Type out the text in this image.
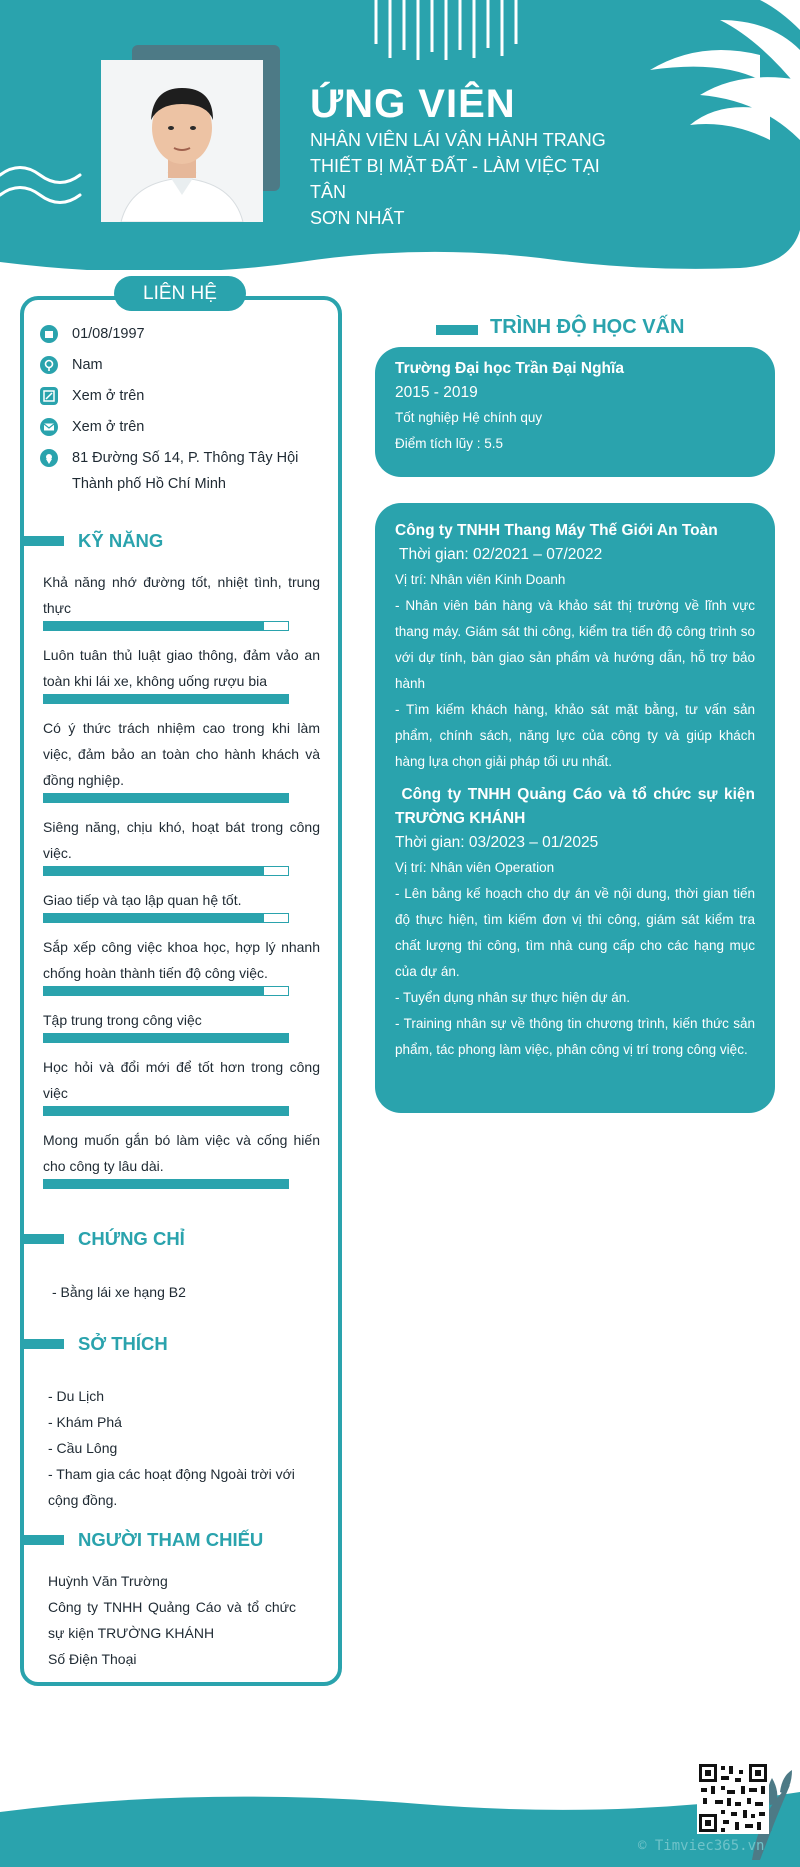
ỨNG VIÊN
NHÂN VIÊN LÁI VẬN HÀNH TRANG
THIẾT BỊ MẶT ĐẤT - LÀM VIỆC TẠI TÂN
SƠN NHẤT
LIÊN HỆ
01/08/1997
Nam
Xem ở trên
Xem ở trên
81 Đường Số 14, P. Thông Tây Hội
Thành phố Hồ Chí Minh
KỸ NĂNG
Khả năng nhớ đường tốt, nhiệt tình, trung thực
Luôn tuân thủ luật giao thông, đảm vảo an toàn khi lái xe, không uống rượu bia
Có ý thức trách nhiệm cao trong khi làm việc, đảm bảo an toàn cho hành khách và đồng nghiệp.
Siêng năng, chịu khó, hoạt bát trong công việc.
Giao tiếp và tạo lập quan hệ tốt.
Sắp xếp công việc khoa học, hợp lý nhanh chống hoàn thành tiến độ công việc.
Tập trung trong công việc
Học hỏi và đổi mới để tốt hơn trong công việc
Mong muốn gắn bó làm việc và cống hiến cho công ty lâu dài.
CHỨNG CHỈ
- Bằng lái xe hạng B2
SỞ THÍCH
- Du Lịch
- Khám Phá
- Cầu Lông
- Tham gia các hoạt động Ngoài trời với cộng đồng.
NGƯỜI THAM CHIẾU
Huỳnh Văn Trường
Công ty TNHH Quảng Cáo và tổ chức sự kiện TRƯỜNG KHÁNH
Số Điện Thoại
TRÌNH ĐỘ HỌC VẤN
Trường Đại học Trần Đại Nghĩa
2015 - 2019
Tốt nghiệp Hệ chính quy
Điểm tích lũy : 5.5
Công ty TNHH Thang Máy Thế Giới An Toàn
Thời gian: 02/2021 – 07/2022
Vị trí: Nhân viên Kinh Doanh
- Nhân viên bán hàng và khảo sát thị trường về lĩnh vực thang máy. Giám sát thi công, kiểm tra tiến độ công trình so với dự tính, bàn giao sản phẩm và hướng dẫn, hỗ trợ bảo hành
- Tìm kiếm khách hàng, khảo sát mặt bằng, tư vấn sản phẩm, chính sách, năng lực của công ty và giúp khách hàng lựa chọn giải pháp tối ưu nhất.
Công ty TNHH Quảng Cáo và tổ chức sự kiện TRƯỜNG KHÁNH
Thời gian: 03/2023 – 01/2025
Vị trí: Nhân viên Operation
- Lên bảng kế hoạch cho dự án về nội dung, thời gian tiến độ thực hiện, tìm kiếm đơn vị thi công, giám sát kiểm tra chất lượng thi công, tìm nhà cung cấp cho các hạng mục của dự án.
- Tuyển dụng nhân sự thực hiện dự án.
- Training nhân sự về thông tin chương trình, kiến thức sản phẩm, tác phong làm việc, phân công vị trí trong công việc.
© Timviec365.vn
